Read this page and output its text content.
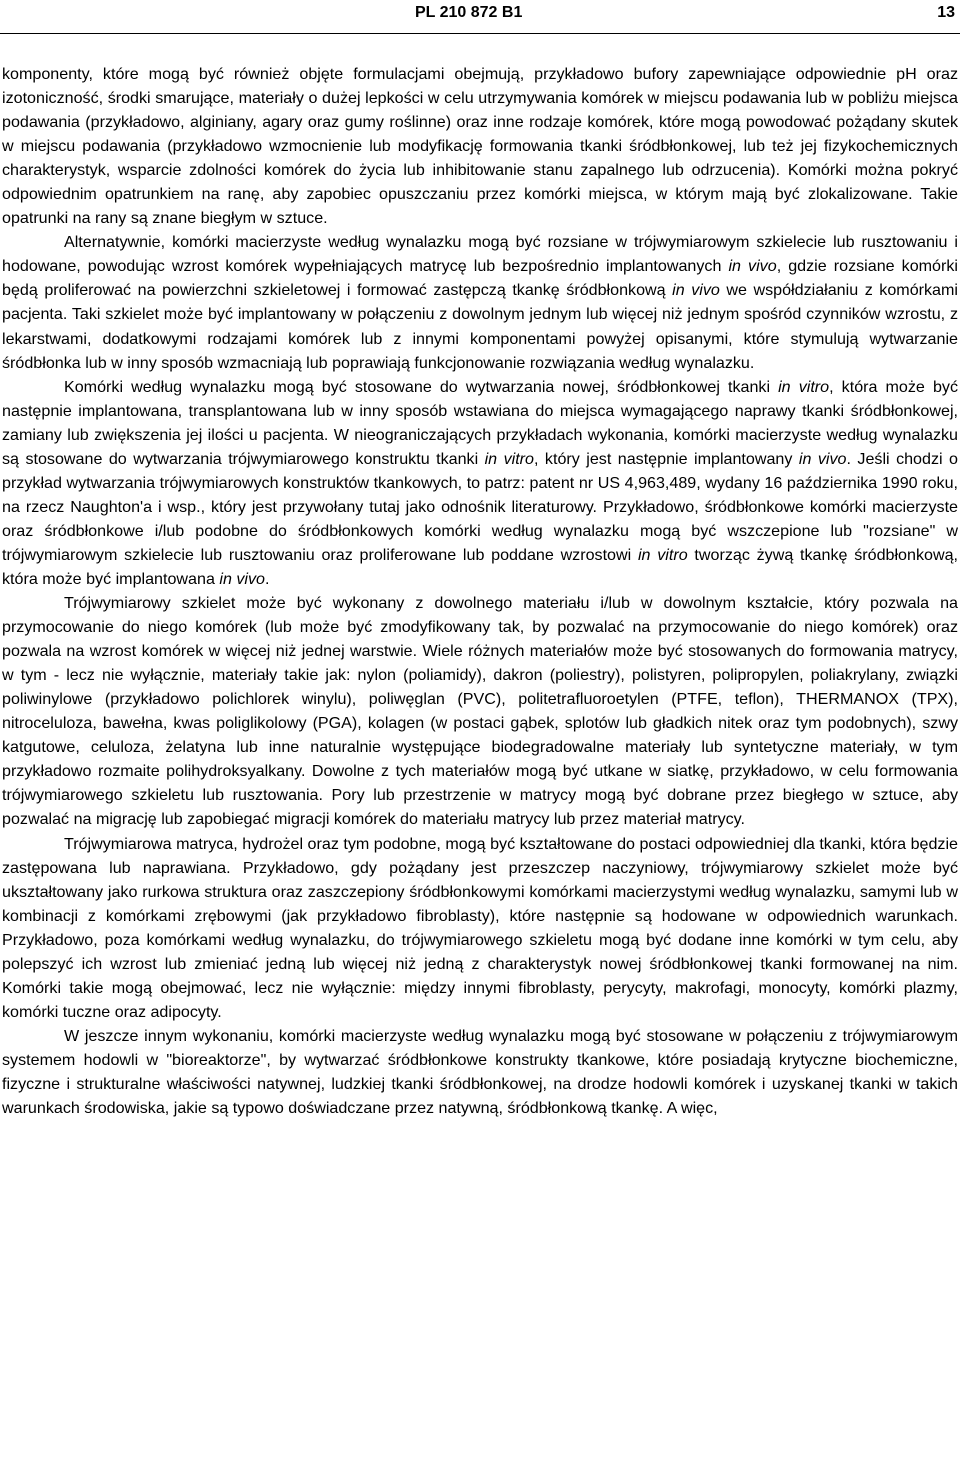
PL 210 872 B1	13

komponenty, które mogą być również objęte formulacjami obejmują, przykładowo bufory zapewniające odpowiednie pH oraz izotoniczność, środki smarujące, materiały o dużej lepkości w celu utrzymywania komórek w miejscu podawania lub w pobliżu miejsca podawania (przykładowo, alginiany, agary oraz gumy roślinne) oraz inne rodzaje komórek, które mogą powodować pożądany skutek w miejscu podawania (przykładowo wzmocnienie lub modyfikację formowania tkanki śródbłonkowej, lub też jej fizykochemicznych charakterystyk, wsparcie zdolności komórek do życia lub inhibitowanie stanu zapalnego lub odrzucenia). Komórki można pokryć odpowiednim opatrunkiem na ranę, aby zapobiec opuszczaniu przez komórki miejsca, w którym mają być zlokalizowane. Takie opatrunki na rany są znane biegłym w sztuce.

Alternatywnie, komórki macierzyste według wynalazku mogą być rozsiane w trójwymiarowym szkielecie lub rusztowaniu i hodowane, powodując wzrost komórek wypełniających matrycę lub bezpośrednio implantowanych in vivo, gdzie rozsiane komórki będą proliferować na powierzchni szkieletowej i formować zastępczą tkankę śródbłonkową in vivo we współdziałaniu z komórkami pacjenta. Taki szkielet może być implantowany w połączeniu z dowolnym jednym lub więcej niż jednym spośród czynników wzrostu, z lekarstwami, dodatkowymi rodzajami komórek lub z innymi komponentami powyżej opisanymi, które stymulują wytwarzanie śródbłonka lub w inny sposób wzmacniają lub poprawiają funkcjonowanie rozwiązania według wynalazku.

Komórki według wynalazku mogą być stosowane do wytwarzania nowej, śródbłonkowej tkanki in vitro, która może być następnie implantowana, transplantowana lub w inny sposób wstawiana do miejsca wymagającego naprawy tkanki śródbłonkowej, zamiany lub zwiększenia jej ilości u pacjenta. W nieograniczających przykładach wykonania, komórki macierzyste według wynalazku są stosowane do wytwarzania trójwymiarowego konstruktu tkanki in vitro, który jest następnie implantowany in vivo. Jeśli chodzi o przykład wytwarzania trójwymiarowych konstruktów tkankowych, to patrz: patent nr US 4,963,489, wydany 16 października 1990 roku, na rzecz Naughton'a i wsp., który jest przywołany tutaj jako odnośnik literaturowy. Przykładowo, śródbłonkowe komórki macierzyste oraz śródbłonkowe i/lub podobne do śródbłonkowych komórki według wynalazku mogą być wszczepione lub "rozsiane" w trójwymiarowym szkielecie lub rusztowaniu oraz proliferowane lub poddane wzrostowi in vitro tworząc żywą tkankę śródbłonkową, która może być implantowana in vivo.

Trójwymiarowy szkielet może być wykonany z dowolnego materiału i/lub w dowolnym kształcie, który pozwala na przymocowanie do niego komórek (lub może być zmodyfikowany tak, by pozwalać na przymocowanie do niego komórek) oraz pozwala na wzrost komórek w więcej niż jednej warstwie. Wiele różnych materiałów może być stosowanych do formowania matrycy, w tym - lecz nie wyłącznie, materiały takie jak: nylon (poliamidy), dakron (poliestry), polistyren, polipropylen, poliakrylany, związki poliwinylowe (przykładowo polichlorek winylu), poliwęglan (PVC), politetrafluoroetylen (PTFE, teflon), THERMANOX (TPX), nitroceluloza, bawełna, kwas poliglikolowy (PGA), kolagen (w postaci gąbek, splotów lub gładkich nitek oraz tym podobnych), szwy katgutowe, celuloza, żelatyna lub inne naturalnie występujące biodegradowalne materiały lub syntetyczne materiały, w tym przykładowo rozmaite polihydroksyalkany. Dowolne z tych materiałów mogą być utkane w siatkę, przykładowo, w celu formowania trójwymiarowego szkieletu lub rusztowania. Pory lub przestrzenie w matrycy mogą być dobrane przez biegłego w sztuce, aby pozwalać na migrację lub zapobiegać migracji komórek do materiału matrycy lub przez materiał matrycy.

Trójwymiarowa matryca, hydrożel oraz tym podobne, mogą być kształtowane do postaci odpowiedniej dla tkanki, która będzie zastępowana lub naprawiana. Przykładowo, gdy pożądany jest przeszczep naczyniowy, trójwymiarowy szkielet może być ukształtowany jako rurkowa struktura oraz zaszczepiony śródbłonkowymi komórkami macierzystymi według wynalazku, samymi lub w kombinacji z komórkami zrębowymi (jak przykładowo fibroblasty), które następnie są hodowane w odpowiednich warunkach. Przykładowo, poza komórkami według wynalazku, do trójwymiarowego szkieletu mogą być dodane inne komórki w tym celu, aby polepszyć ich wzrost lub zmieniać jedną lub więcej niż jedną z charakterystyk nowej śródbłonkowej tkanki formowanej na nim. Komórki takie mogą obejmować, lecz nie wyłącznie: między innymi fibroblasty, perycyty, makrofagi, monocyty, komórki plazmy, komórki tuczne oraz adipocyty.

W jeszcze innym wykonaniu, komórki macierzyste według wynalazku mogą być stosowane w połączeniu z trójwymiarowym systemem hodowli w "bioreaktorze", by wytwarzać śródbłonkowe konstrukty tkankowe, które posiadają krytyczne biochemiczne, fizyczne i strukturalne właściwości natywnej, ludzkiej tkanki śródbłonkowej, na drodze hodowli komórek i uzyskanej tkanki w takich warunkach środowiska, jakie są typowo doświadczane przez natywną, śródbłonkową tkankę. A więc,
